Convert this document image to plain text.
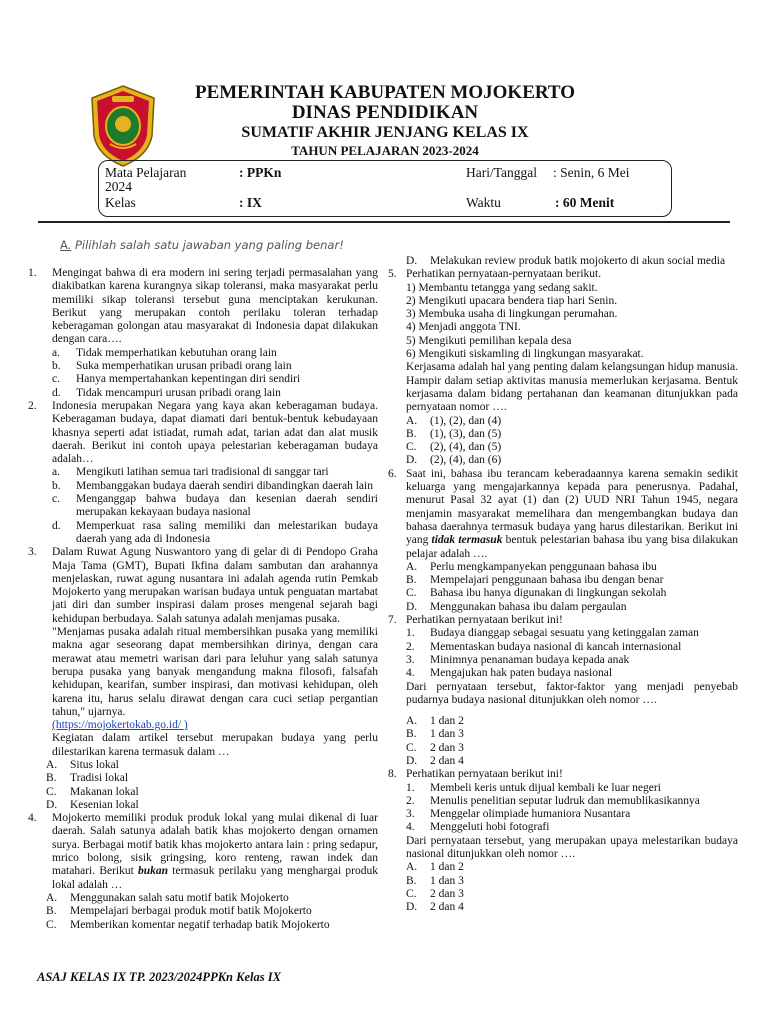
PEMERINTAH KABUPATEN MOJOKERTO
DINAS PENDIDIKAN
SUMATIF AKHIR JENJANG KELAS IX
TAHUN PELAJARAN 2023-2024
Mata Pelajaran	: PPKn	Hari/Tanggal : Senin, 6 Mei
2024
Kelas	: IX	Waktu	: 60 Menit
A. Pilihlah salah satu jawaban yang paling benar!
1.	Mengingat bahwa di era modern ini sering terjadi permasalahan yang diakibatkan karena kurangnya sikap toleransi, maka masyarakat perlu memiliki sikap toleransi tersebut guna menciptakan kerukunan. Berikut yang merupakan contoh perilaku toleran terhadap keberagaman golongan atau masyarakat di Indonesia dapat dilakukan dengan cara….
a.	Tidak memperhatikan kebutuhan orang lain
b.	Suka memperhatikan urusan pribadi orang lain
c.	Hanya mempertahankan kepentingan diri sendiri
d.	Tidak mencampuri urusan pribadi orang lain
2.	Indonesia merupakan Negara yang kaya akan keberagaman budaya. Keberagaman budaya, dapat diamati dari bentuk-bentuk kebudayaan khasnya seperti adat istiadat, rumah adat, tarian adat dan alat musik daerah. Berikut ini contoh upaya pelestarian keberagaman budaya adalah…
a.	Mengikuti latihan semua tari tradisional di sanggar tari
b.	Membanggakan budaya daerah sendiri dibandingkan daerah lain
c.	Menganggap bahwa budaya dan kesenian daerah sendiri merupakan kekayaan budaya nasional
d.	Memperkuat rasa saling memiliki dan melestarikan budaya daerah yang ada di Indonesia
3.	Dalam Ruwat Agung Nuswantoro yang di gelar di di Pendopo Graha Maja Tama (GMT), Bupati Ikfina dalam sambutan dan arahannya menjelaskan, ruwat agung nusantara ini adalah agenda rutin Pemkab Mojokerto yang merupakan warisan budaya untuk penguatan martabat jati diri dan sumber inspirasi dalam proses mengenal sejarah bagi kehidupan berbudaya. Salah satunya adalah menjamas pusaka.
"Menjamas pusaka adalah ritual membersihkan pusaka yang memiliki makna agar seseorang dapat membersihkan dirinya, dengan cara merawat atau memetri warisan dari para leluhur yang salah satunya berupa pusaka yang banyak mengandung makna filosofi, falsafah kehidupan, kearifan, sumber inspirasi, dan motivasi kehidupan, oleh karena itu, harus selalu dirawat dengan cara cuci setiap pergantian tahun," ujarnya.
(https://mojokertokab.go.id/ )
Kegiatan dalam artikel tersebut merupakan budaya yang perlu dilestarikan karena termasuk dalam …
A.	Situs lokal
B.	Tradisi lokal
C.	Makanan lokal
D.	Kesenian lokal
4.	Mojokerto memiliki produk produk lokal yang mulai dikenal di luar daerah. Salah satunya adalah batik khas mojokerto dengan ornamen surya. Berbagai motif batik khas mojokerto antara lain : pring sedapur, mrico bolong, sisik gringsing, koro renteng, rawan indek dan matahari. Berikut bukan termasuk perilaku yang menghargai produk lokal adalah …
A.	Menggunakan salah satu motif batik Mojokerto
B.	Mempelajari berbagai produk motif batik Mojokerto
C.	Memberikan komentar negatif terhadap batik Mojokerto
D.	Melakukan review produk batik mojokerto di akun social media
5. Perhatikan pernyataan-pernyataan berikut.
1) Membantu tetangga yang sedang sakit.
2) Mengikuti upacara bendera tiap hari Senin.
3) Membuka usaha di lingkungan perumahan.
4) Menjadi anggota TNI.
5) Mengikuti pemilihan kepala desa
6) Mengikuti siskamling di lingkungan masyarakat.
Kerjasama adalah hal yang penting dalam kelangsungan hidup manusia. Hampir dalam setiap aktivitas manusia memerlukan kerjasama. Bentuk kerjasama dalam bidang pertahanan dan keamanan ditunjukkan pada pernyataan nomor ….
A.	(1), (2), dan (4)
B.	(1), (3), dan (5)
C.	(2), (4), dan (5)
D.	(2), (4), dan (6)
6. Saat ini, bahasa ibu terancam keberadaannya karena semakin sedikit keluarga yang mengajarkannya kepada para penerusnya. Padahal, menurut Pasal 32 ayat (1) dan (2) UUD NRI Tahun 1945, negara menjamin masyarakat memelihara dan mengembangkan budaya dan bahasa daerahnya termasuk budaya yang harus dilestarikan. Berikut ini yang tidak termasuk bentuk pelestarian bahasa ibu yang bisa dilakukan pelajar adalah ….
A.	Perlu mengkampanyekan penggunaan bahasa ibu
B.	Mempelajari penggunaan bahasa ibu dengan benar
C.	Bahasa ibu hanya digunakan di lingkungan sekolah
D.	Menggunakan bahasa ibu dalam pergaulan
7. Perhatikan pernyataan berikut ini!
1.	Budaya dianggap sebagai sesuatu yang ketinggalan zaman
2.	Mementaskan budaya nasional di kancah internasional
3.	Minimnya penanaman budaya kepada anak
4.	Mengajukan hak paten budaya nasional
Dari pernyataan tersebut, faktor-faktor yang menjadi penyebab pudarnya budaya nasional ditunjukkan oleh nomor ….
A.	1 dan 2
B.	1 dan 3
C.	2 dan 3
D.	2 dan 4
8. Perhatikan pernyataan berikut ini!
1.	Membeli keris untuk dijual kembali ke luar negeri
2.	Menulis penelitian seputar ludruk dan memublikasikannya
3.	Menggelar olimpiade humaniora Nusantara
4.	Menggeluti hobi fotografi
Dari pernyataan tersebut, yang merupakan upaya melestarikan budaya nasional ditunjukkan oleh nomor ….
A.	1 dan 2
B.	1 dan 3
C.	2 dan 3
D.	2 dan 4
ASAJ KELAS IX TP. 2023/2024PPKn Kelas IX
